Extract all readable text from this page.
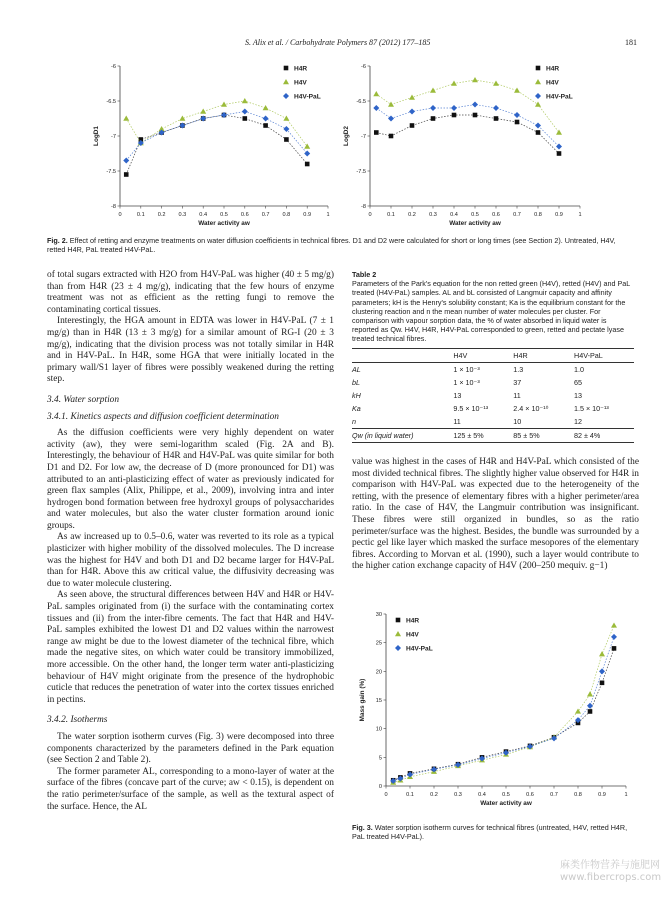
S. Alix et al. / Carbohydrate Polymers 87 (2012) 177–185	181
0	0.1 0.2 0.3 0.4 0.5 0.6 0.7 0.8 0.9	1
-6
-6.5
-7
-7.5
-8
Water activity aw
LogD1
H4R
H4V
H4V-PaL
0	0.1 0.2 0.3 0.4 0.5 0.6 0.7 0.8 0.9	1
-6
-6.5
-7
-7.5
-8
Water activity aw
LogD2
H4R
H4V
H4V-PaL
Fig. 2. Effect of retting and enzyme treatments on water diffusion coefficients in technical fibres. D1 and D2 were calculated for short or long times (see Section 2). Untreated, H4V, retted H4R, PaL treated H4V-PaL.

of total sugars extracted with H2O from H4V-PaL was higher (40 ± 5 mg/g) than from H4R (23 ± 4 mg/g), indicating that the few hours of enzyme treatment was not as efficient as the retting fungi to remove the contaminating cortical tissues.

Interestingly, the HGA amount in EDTA was lower in H4V-PaL (7 ± 1 mg/g) than in H4R (13 ± 3 mg/g) for a similar amount of RG-I (20 ± 3 mg/g), indicating that the division process was not totally similar in H4R and in H4V-PaL. In H4R, some HGA that were initially located in the primary wall/S1 layer of fibres were possibly weakened during the retting step.

3.4. Water sorption

3.4.1. Kinetics aspects and diffusion coefficient determination

As the diffusion coefficients were very highly dependent on water activity (aw), they were semi-logarithm scaled (Fig. 2A and B). Interestingly, the behaviour of H4R and H4V-PaL was quite similar for both D1 and D2. For low aw, the decrease of D (more pronounced for D1) was attributed to an anti-plasticizing effect of water as previously indicated for green flax samples (Alix, Philippe, et al., 2009), involving intra and inter hydrogen bond formation between free hydroxyl groups of polysaccharides and water molecules, but also the water cluster formation around ionic groups.

As aw increased up to 0.5–0.6, water was reverted to its role as a typical plasticizer with higher mobility of the dissolved molecules. The D increase was the highest for H4V and both D1 and D2 became larger for H4V-PaL than for H4R. Above this aw critical value, the diffusivity decreasing was due to water molecule clustering.

As seen above, the structural differences between H4V and H4R or H4V-PaL samples originated from (i) the surface with the contaminating cortex tissues and (ii) from the inter-fibre cements. The fact that H4R and H4V-PaL samples exhibited the lowest D1 and D2 values within the narrowest range aw might be due to the lowest diameter of the technical fibre, which made the negative sites, on which water could be transitory immobilized, more accessible. On the other hand, the longer term water anti-plasticizing behaviour of H4V might originate from the presence of the hydrophobic cuticle that reduces the penetration of water into the cortex tissues enriched in pectins.

3.4.2. Isotherms

The water sorption isotherm curves (Fig. 3) were decomposed into three components characterized by the parameters defined in the Park equation (see Section 2 and Table 2).

The former parameter AL, corresponding to a mono-layer of water at the surface of the fibres (concave part of the curve; aw < 0.15), is dependent on the ratio perimeter/surface of the sample, as well as the textural aspect of the surface. Hence, the AL

Table 2
Parameters of the Park's equation for the non retted green (H4V), retted (H4V) and PaL treated (H4V-PaL) samples. AL and bL consisted of Langmuir capacity and affinity parameters; kH is the Henry's solubility constant; Ka is the equilibrium constant for the clustering reaction and n the mean number of water molecules per cluster. For comparison with vapour sorption data, the % of water absorbed in liquid water is reported as Qw. H4V, H4R, H4V-PaL corresponded to green, retted and pectate lyase treated technical fibres.
	H4V	H4R	H4V-PaL
AL	1 × 10⁻³	1.3	1.0
bL	1 × 10⁻³	37	65
kH	13	11	13
Ka	9.5 × 10⁻¹³	2.4 × 10⁻¹⁰	1.5 × 10⁻¹³
n	11	10	12
Qw (in liquid water)	125 ± 5%	85 ± 5%	82 ± 4%

value was highest in the cases of H4R and H4V-PaL which consisted of the most divided technical fibres. The slightly higher value observed for H4R in comparison with H4V-PaL was expected due to the heterogeneity of the retting, with the presence of elementary fibres with a higher perimeter/area ratio. In the case of H4V, the Langmuir contribution was insignificant. These fibres were still organized in bundles, so as the ratio perimeter/surface was the highest. Besides, the bundle was surrounded by a pectic gel like layer which masked the surface mesopores of the elementary fibres. According to Morvan et al. (1990), such a layer would contribute to the higher cation exchange capacity of H4V (200–250 mequiv. g−1)

0	0.1	0.2	0.3	0.4	0.5	0.6	0.7	0.8	0.9	1
0
5
10
15
20
25
30
Water activity aw
Mass gain (%)
H4R
H4V
H4V-PaL
Fig. 3. Water sorption isotherm curves for technical fibres (untreated, H4V, retted H4R, PaL treated H4V-PaL).
麻类作物营养与施肥网
www.fibercrops.com
